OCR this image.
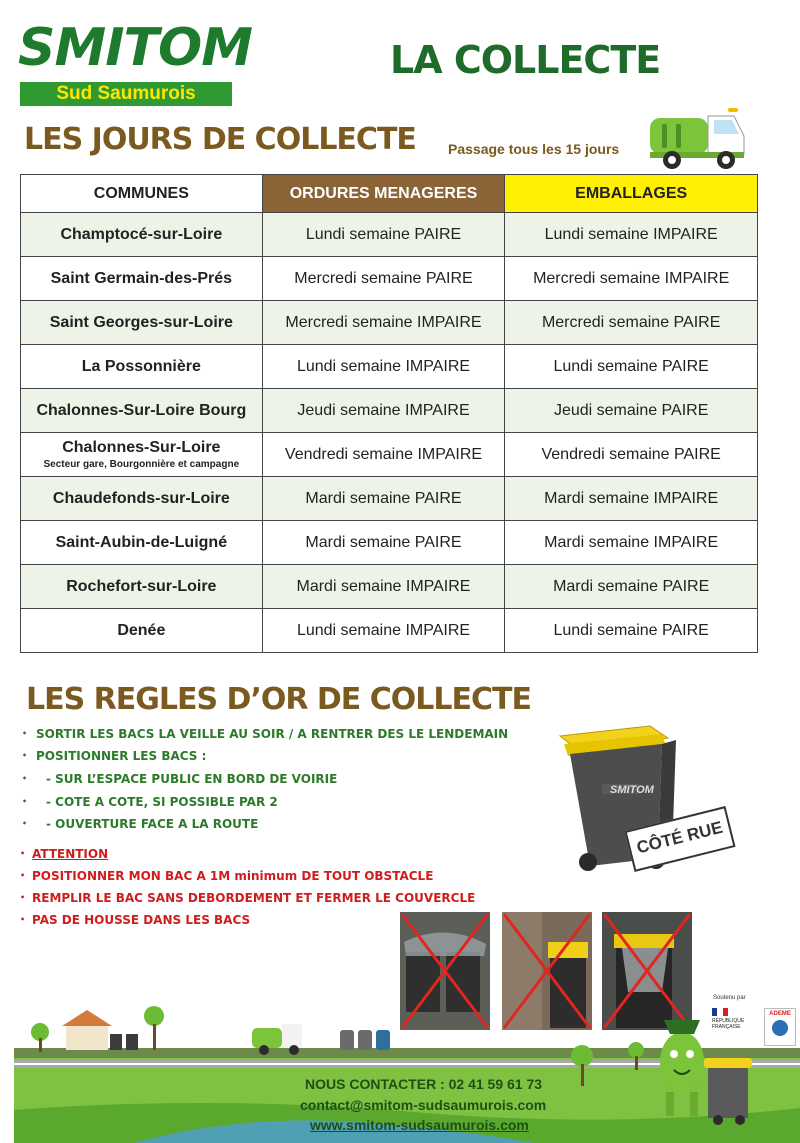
SMITOM
Sud Saumurois
LA COLLECTE
LES JOURS DE COLLECTE Passage tous les 15 jours
COMMUNES	ORDURES MENAGERES	EMBALLAGES
Champtocé-sur-Loire	Lundi semaine PAIRE	Lundi semaine IMPAIRE
Saint Germain-des-Prés	Mercredi semaine PAIRE	Mercredi semaine IMPAIRE
Saint Georges-sur-Loire	Mercredi semaine IMPAIRE	Mercredi semaine PAIRE
La Possonnière	Lundi semaine IMPAIRE	Lundi semaine PAIRE
Chalonnes-Sur-Loire Bourg	Jeudi semaine IMPAIRE	Jeudi semaine PAIRE
Chalonnes-Sur-Loire
Secteur gare, Bourgonnière et campagne	Vendredi semaine IMPAIRE	Vendredi semaine PAIRE
Chaudefonds-sur-Loire	Mardi semaine PAIRE	Mardi semaine IMPAIRE
Saint-Aubin-de-Luigné	Mardi semaine PAIRE	Mardi semaine IMPAIRE
Rochefort-sur-Loire	Mardi semaine IMPAIRE	Mardi semaine PAIRE
Denée	Lundi semaine IMPAIRE	Lundi semaine PAIRE
LES REGLES D’OR DE COLLECTE
• SORTIR LES BACS LA VEILLE AU SOIR / A RENTRER DES LE LENDEMAIN
• POSITIONNER LES BACS :
• - SUR L’ESPACE PUBLIC EN BORD DE VOIRIE
• - COTE A COTE, SI POSSIBLE PAR 2
• - OUVERTURE FACE A LA ROUTE
• ATTENTION
• POSITIONNER MON BAC A 1M minimum DE TOUT OBSTACLE
• REMPLIR LE BAC SANS DEBORDEMENT ET FERMER LE COUVERCLE
• PAS DE HOUSSE DANS LES BACS
SMITOM
CÔTÉ RUE
Soutenu par
RÉPUBLIQUE FRANÇAISE
ADEME
NOUS CONTACTER : 02 41 59 61 73
contact@smitom-sudsaumurois.com
www.smitom-sudsaumurois.com
